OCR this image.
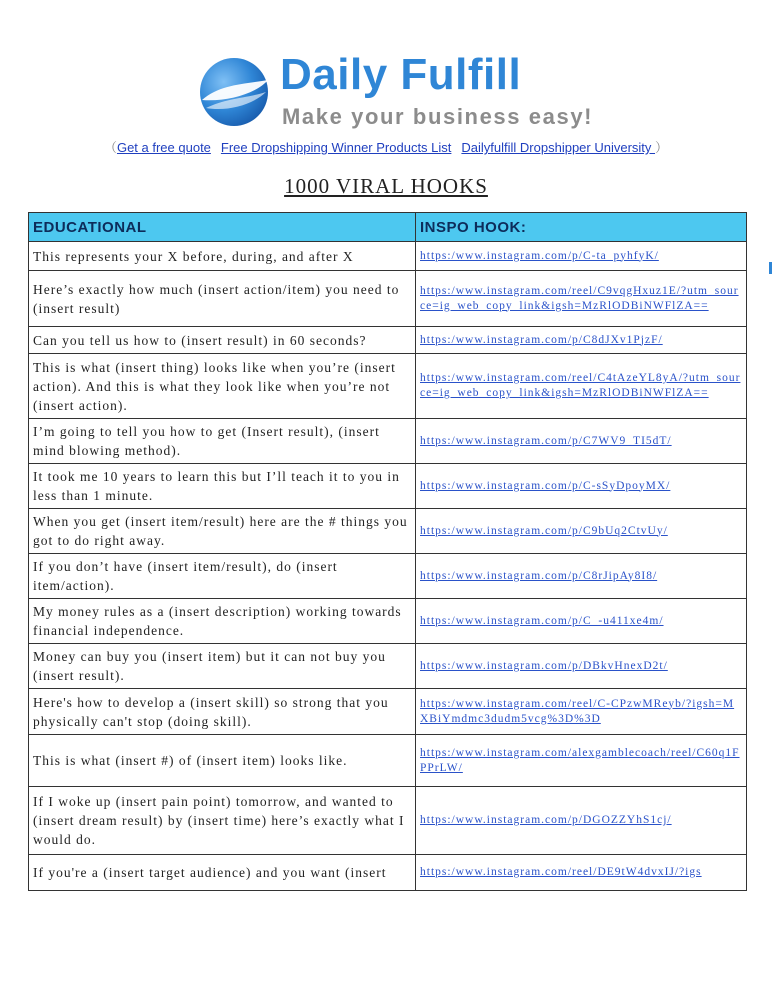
Daily Fulfill
Make your business easy!
（Get a free quote Free Dropshipping Winner Products List Dailyfulfill Dropshipper University ）
1000 VIRAL HOOKS
EDUCATIONAL	INSPO HOOK:
This represents your X before, during, and after X	https:/www.instagram.com/p/C-ta_pyhfyK/
Here’s exactly how much (insert action/item) you need to (insert result)	https:/www.instagram.com/reel/C9vqgHxuz1E/?utm_source=ig_web_copy_link&igsh=MzRlODBiNWFlZA==
Can you tell us how to (insert result) in 60 seconds?	https:/www.instagram.com/p/C8dJXv1PjzF/
This is what (insert thing) looks like when you’re (insert action). And this is what they look like when you’re not (insert action).	https:/www.instagram.com/reel/C4tAzeYL8yA/?utm_source=ig_web_copy_link&igsh=MzRlODBiNWFlZA==
I’m going to tell you how to get (Insert result), (insert mind blowing method).	https:/www.instagram.com/p/C7WV9_TI5dT/
It took me 10 years to learn this but I’ll teach it to you in less than 1 minute.	https:/www.instagram.com/p/C-sSyDpoyMX/
When you get (insert item/result) here are the # things you got to do right away.	https:/www.instagram.com/p/C9bUq2CtvUy/
If you don’t have (insert item/result), do (insert item/action).	https:/www.instagram.com/p/C8rJipAy8I8/
My money rules as a (insert description) working towards financial independence.	https:/www.instagram.com/p/C_-u411xe4m/
Money can buy you (insert item) but it can not buy you (insert result).	https:/www.instagram.com/p/DBkvHnexD2t/
Here's how to develop a (insert skill) so strong that you physically can't stop (doing skill).	https:/www.instagram.com/reel/C-CPzwMReyb/?igsh=MXBiYmdmc3dudm5vcg%3D%3D
This is what (insert #) of (insert item) looks like.	https:/www.instagram.com/alexgamblecoach/reel/C60q1FPPrLW/
If I woke up (insert pain point) tomorrow, and wanted to (insert dream result) by (insert time) here’s exactly what I would do.	https:/www.instagram.com/p/DGOZZYhS1cj/
If you're a (insert target audience) and you want (insert	https:/www.instagram.com/reel/DE9tW4dvxIJ/?igs
